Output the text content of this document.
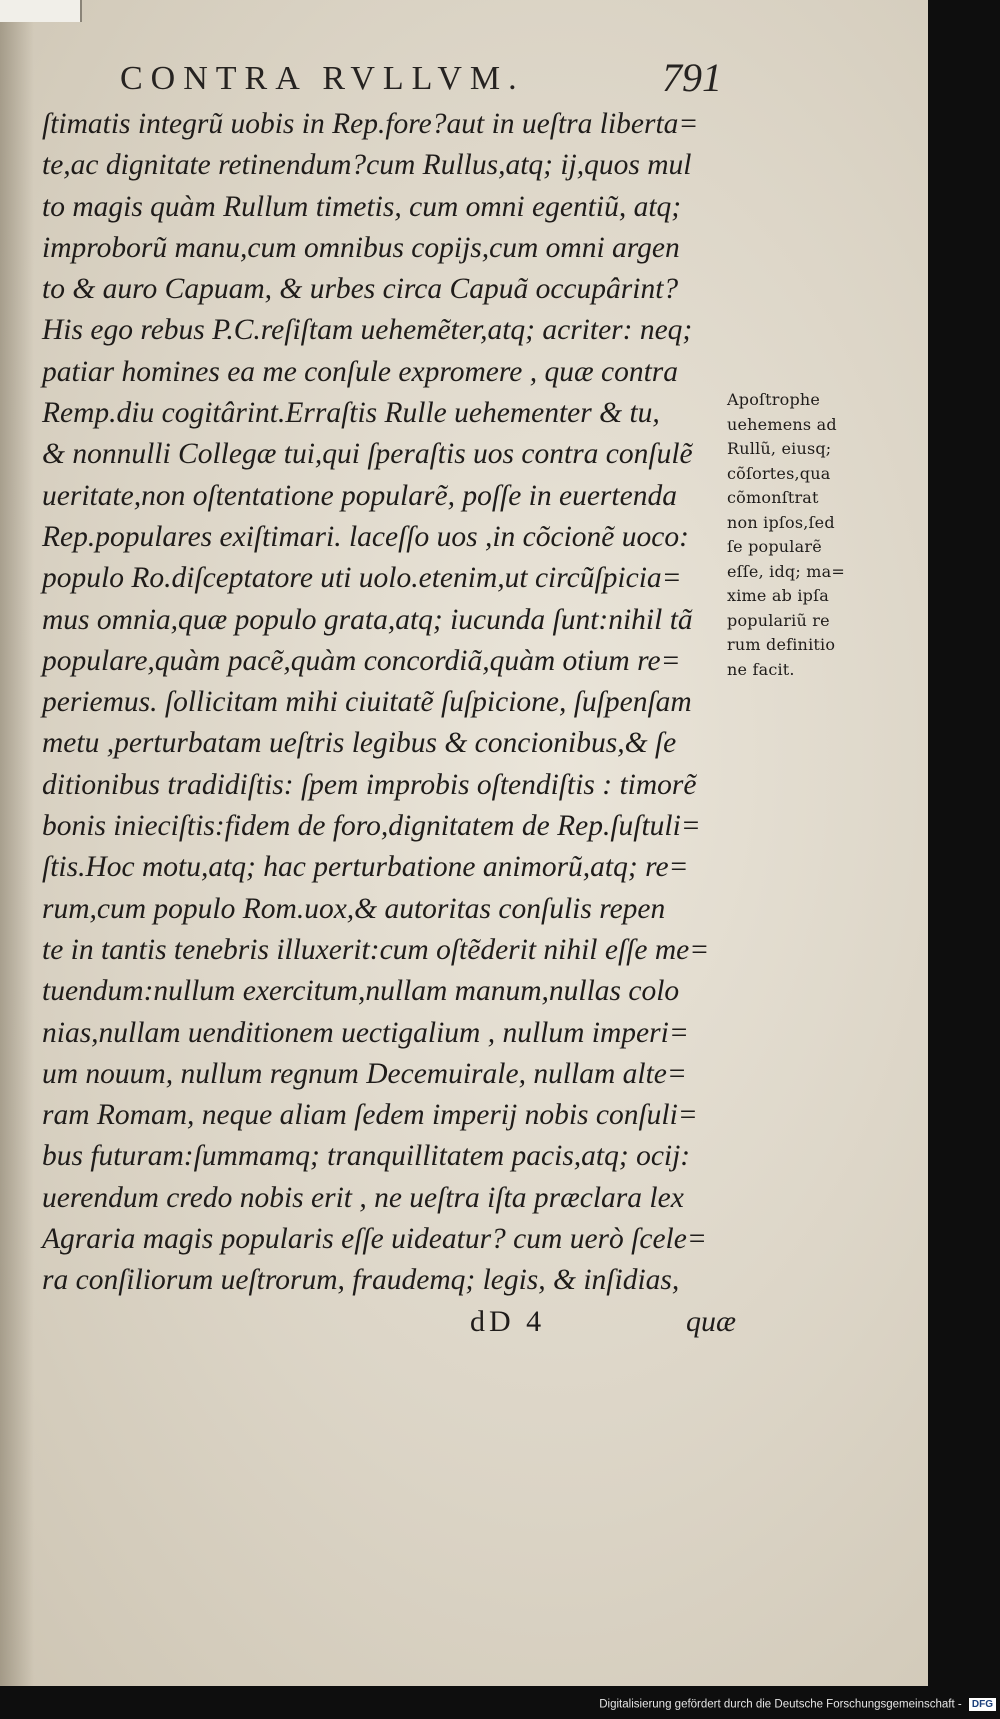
CONTRA RVLLVM.	791
ſtimatis integrũ uobis in Rep.fore?aut in ueſtra liberta=
te,ac dignitate retinendum?cum Rullus,atq; ij,quos mul
to magis quàm Rullum timetis, cum omni egentiũ, atq;
improborũ manu,cum omnibus copijs,cum omni argen
to & auro Capuam, & urbes circa Capuã occupârint?
His ego rebus P.C.reſiſtam uehemẽter,atq; acriter: neq;
patiar homines ea me conſule expromere , quæ contra
Remp.diu cogitârint.Erraſtis Rulle uehementer & tu,
& nonnulli Collegæ tui,qui ſperaſtis uos contra conſulẽ
ueritate,non oſtentatione popularẽ, poſſe in euertenda
Rep.populares exiſtimari. laceſſo uos ,in cõcionẽ uoco:
populo Ro.diſceptatore uti uolo.etenim,ut circũſpicia=
mus omnia,quæ populo grata,atq; iucunda ſunt:nihil tã
populare,quàm pacẽ,quàm concordiã,quàm otium re=
periemus. ſollicitam mihi ciuitatẽ ſuſpicione, ſuſpenſam
metu ,perturbatam ueſtris legibus & concionibus,& ſe
ditionibus tradidiſtis: ſpem improbis oſtendiſtis : timorẽ
bonis inieciſtis:fidem de foro,dignitatem de Rep.ſuſtuli=
ſtis.Hoc motu,atq; hac perturbatione animorũ,atq; re=
rum,cum populo Rom.uox,& autoritas conſulis repen
te in tantis tenebris illuxerit:cum oſtẽderit nihil eſſe me=
tuendum:nullum exercitum,nullam manum,nullas colo
nias,nullam uenditionem uectigalium , nullum imperi=
um nouum, nullum regnum Decemuirale, nullam alte=
ram Romam, neque aliam ſedem imperij nobis conſuli=
bus futuram:ſummamq; tranquillitatem pacis,atq; ocij:
uerendum credo nobis erit , ne ueſtra iſta præclara lex
Agraria magis popularis eſſe uideatur? cum uerò ſcele=
ra conſiliorum ueſtrorum, fraudemq; legis, & inſidias,
Apoſtrophe
uehemens ad
Rullũ, eiusq;
cõſortes,qua
cõmonſtrat
non ipſos,ſed
ſe popularẽ
eſſe, idq; ma=
xime ab ipſa
populariũ re
rum definitio
ne facit.
dD 4	quæ
Digitalisierung gefördert durch die Deutsche Forschungsgemeinschaft - DFG
